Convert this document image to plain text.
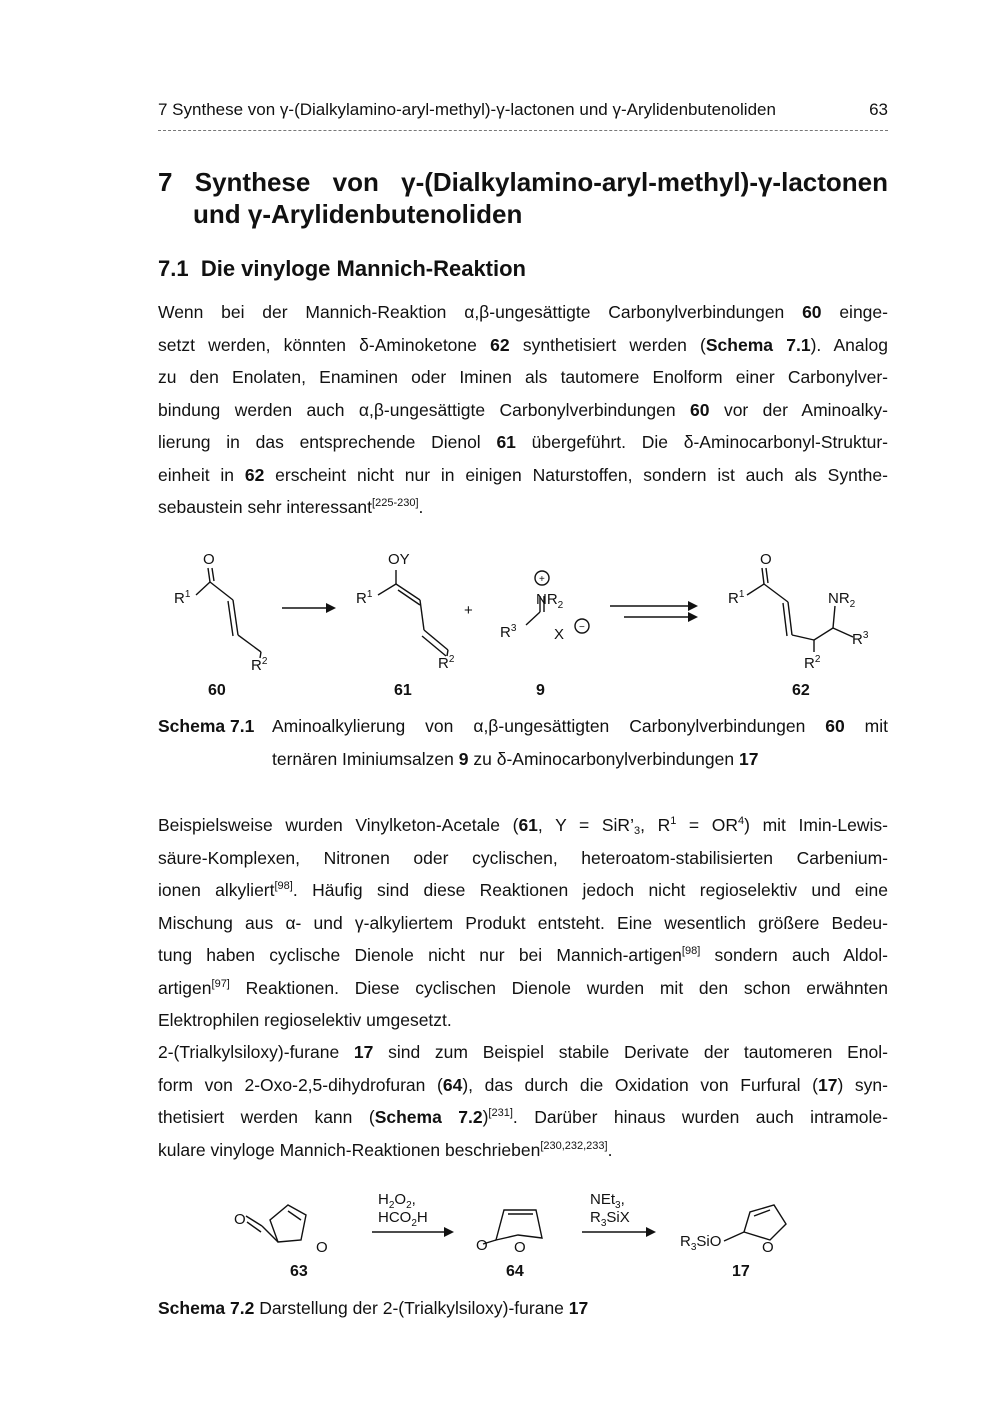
7 Synthese von γ-(Dialkylamino-aryl-methyl)-γ-lactonen und γ-Arylidenbutenoliden	63
7 Synthese von γ-(Dialkylamino-aryl-methyl)-γ-lactonen
und γ-Arylidenbutenoliden
7.1 Die vinyloge Mannich-Reaktion
Wenn bei der Mannich-Reaktion α,β-ungesättigte Carbonylverbindungen 60 einge-
setzt werden, könnten δ-Aminoketone 62 synthetisiert werden (Schema 7.1). Analog
zu den Enolaten, Enaminen oder Iminen als tautomere Enolform einer Carbonylver-
bindung werden auch α,β-ungesättigte Carbonylverbindungen 60 vor der Aminoalky-
lierung in das entsprechende Dienol 61 übergeführt. Die δ-Aminocarbonyl-Struktur-
einheit in 62 erscheint nicht nur in einigen Naturstoffen, sondern ist auch als Synthe-
sebaustein sehr interessant[225-230].
O
$R^1$
$R^2$
OY
$R^1$
$R^2$
+
+
$NR_2$
$R^3$	X −
O
$R^1$	$NR_2$
$R^3$
$R^2$
60	61	9	62
Schema 7.1	Aminoalkylierung von α,β-ungesättigten Carbonylverbindungen 60 mit
ternären Iminiumsalzen 9 zu δ-Aminocarbonylverbindungen 17
Beispielsweise wurden Vinylketon-Acetale (61, $Y = SiR’_3$, $R^1 = OR^4$) mit Imin-Lewis-
säure-Komplexen, Nitronen oder cyclischen, heteroatom-stabilisierten Carbenium-
ionen alkyliert[98]. Häufig sind diese Reaktionen jedoch nicht regioselektiv und eine
Mischung aus α- und γ-alkyliertem Produkt entsteht. Eine wesentlich größere Bedeu-
tung haben cyclische Dienole nicht nur bei Mannich-artigen[98] sondern auch Aldol-
artigen[97] Reaktionen. Diese cyclischen Dienole wurden mit den schon erwähnten
Elektrophilen regioselektiv umgesetzt.
2-(Trialkylsiloxy)-furane 17 sind zum Beispiel stabile Derivate der tautomeren Enol-
form von 2-Oxo-2,5-dihydrofuran (64), das durch die Oxidation von Furfural (17) syn-
thetisiert werden kann (Schema 7.2)[231]. Darüber hinaus wurden auch intramole-
kulare vinyloge Mannich-Reaktionen beschrieben[230,232,233].
O
O
$H_2O_2$,
$HCO_2H$
O O
NEt$_3$,
$R_3SiX$
$R_3SiO$	O
63	64	17
Schema 7.2 Darstellung der 2-(Trialkylsiloxy)-furane 17
